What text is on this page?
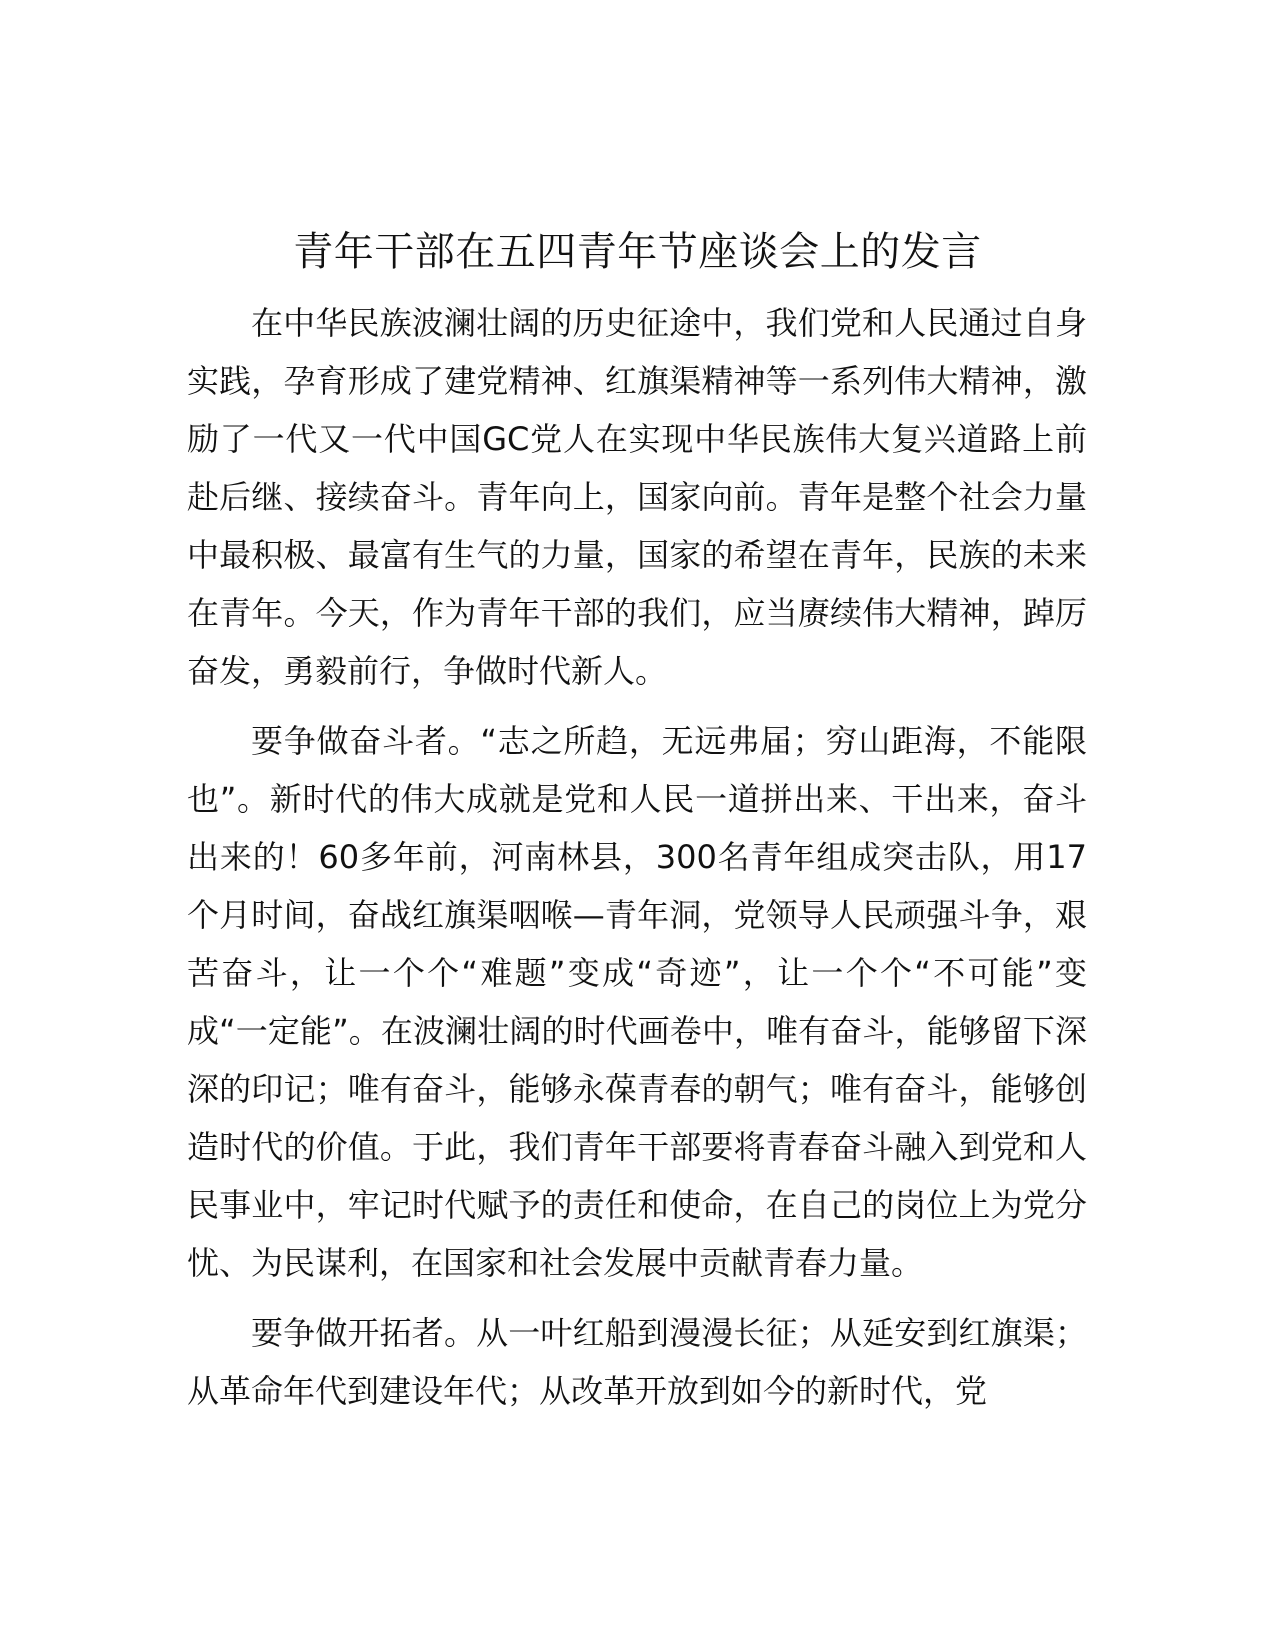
青年干部在五四青年节座谈会上的发言

在中华民族波澜壮阔的历史征途中，我们党和人民通过自身实践，孕育形成了建党精神、红旗渠精神等一系列伟大精神，激励了一代又一代中国GC党人在实现中华民族伟大复兴道路上前赴后继、接续奋斗。青年向上，国家向前。青年是整个社会力量中最积极、最富有生气的力量，国家的希望在青年，民族的未来在青年。今天，作为青年干部的我们，应当赓续伟大精神，踔厉奋发，勇毅前行，争做时代新人。

要争做奋斗者。“志之所趋，无远弗届；穷山距海，不能限也”。新时代的伟大成就是党和人民一道拼出来、干出来，奋斗出来的！60多年前，河南林县，300名青年组成突击队，用17个月时间，奋战红旗渠咽喉—青年洞，党领导人民顽强斗争，艰苦奋斗，让一个个“难题”变成“奇迹”，让一个个“不可能”变成“一定能”。在波澜壮阔的时代画卷中，唯有奋斗，能够留下深深的印记；唯有奋斗，能够永葆青春的朝气；唯有奋斗，能够创造时代的价值。于此，我们青年干部要将青春奋斗融入到党和人民事业中，牢记时代赋予的责任和使命，在自己的岗位上为党分忧、为民谋利，在国家和社会发展中贡献青春力量。

要争做开拓者。从一叶红船到漫漫长征；从延安到红旗渠；从革命年代到建设年代；从改革开放到如今的新时代，党
